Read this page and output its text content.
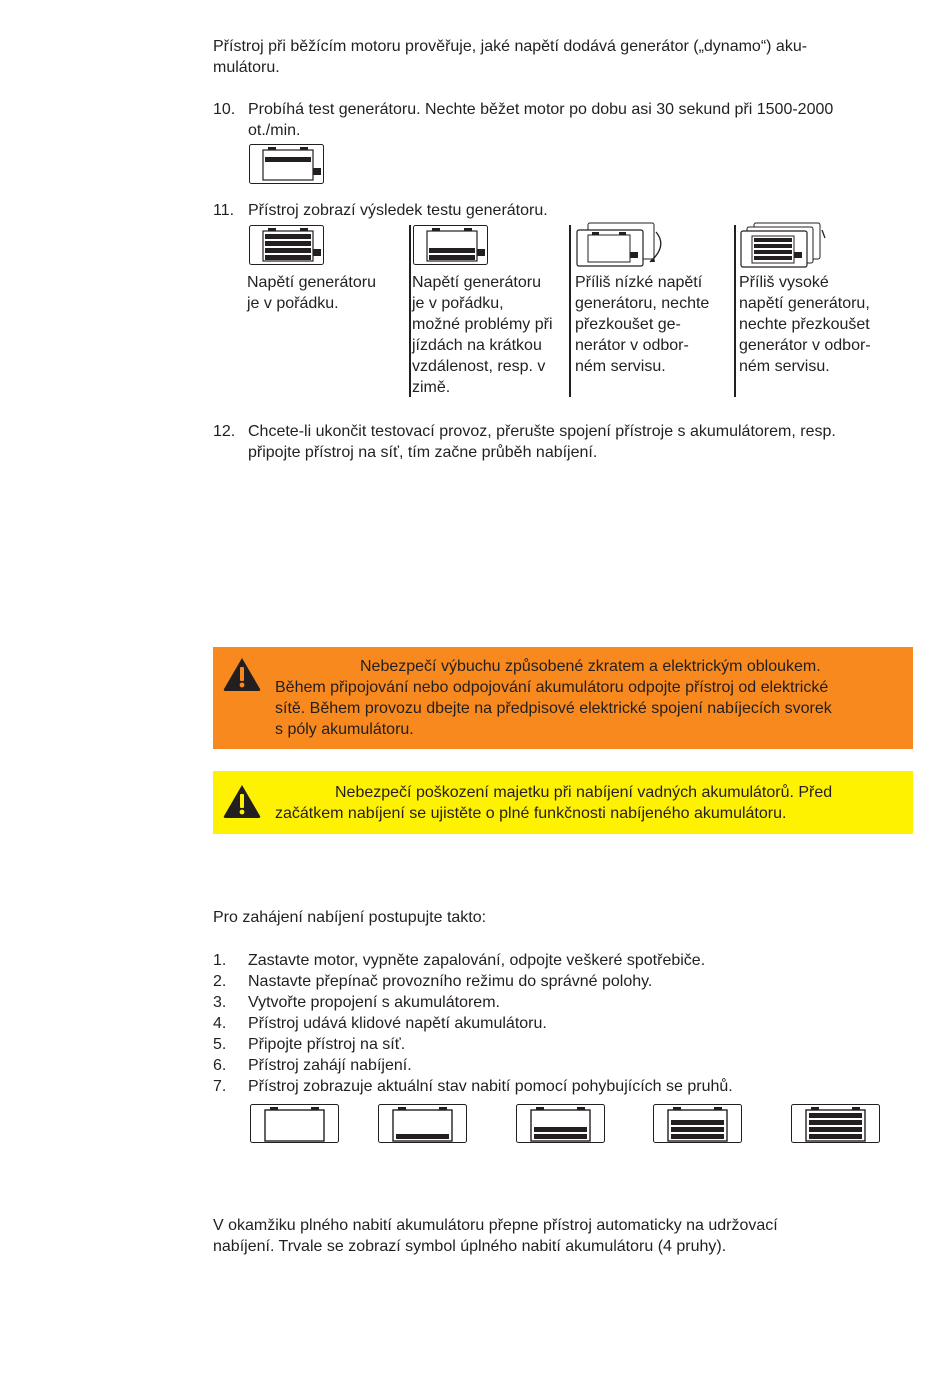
Přístroj při běžícím motoru prověřuje, jaké napětí dodává generátor („dynamo“) aku-
mulátoru.
10. Probíhá test generátoru. Nechte běžet motor po dobu asi 30 sekund při 1500-2000
ot./min.
11. Přístroj zobrazí výsledek testu generátoru.
Napětí generátoru
je v pořádku.
Napětí generátoru
je v pořádku,
možné problémy při
jízdách na krátkou
vzdálenost, resp. v
zimě.
Příliš nízké napětí
generátoru, nechte
přezkoušet ge-
nerátor v odbor-
ném servisu.
Příliš vysoké
napětí generátoru,
nechte přezkoušet
generátor v odbor-
ném servisu.
12. Chcete-li ukončit testovací provoz, přerušte spojení přístroje s akumulátorem, resp.
připojte přístroj na síť, tím začne průběh nabíjení.
Nebezpečí výbuchu způsobené zkratem a elektrickým obloukem.
Během připojování nebo odpojování akumulátoru odpojte přístroj od elektrické
sítě. Během provozu dbejte na předpisové elektrické spojení nabíjecích svorek
s póly akumulátoru.
Nebezpečí poškození majetku při nabíjení vadných akumulátorů. Před
začátkem nabíjení se ujistěte o plné funkčnosti nabíjeného akumulátoru.
Pro zahájení nabíjení postupujte takto:
1. Zastavte motor, vypněte zapalování, odpojte veškeré spotřebiče.
2. Nastavte přepínač provozního režimu do správné polohy.
3. Vytvořte propojení s akumulátorem.
4. Přístroj udává klidové napětí akumulátoru.
5. Připojte přístroj na síť.
6. Přístroj zahájí nabíjení.
7. Přístroj zobrazuje aktuální stav nabití pomocí pohybujících se pruhů.
V okamžiku plného nabití akumulátoru přepne přístroj automaticky na udržovací
nabíjení. Trvale se zobrazí symbol úplného nabití akumulátoru (4 pruhy).
